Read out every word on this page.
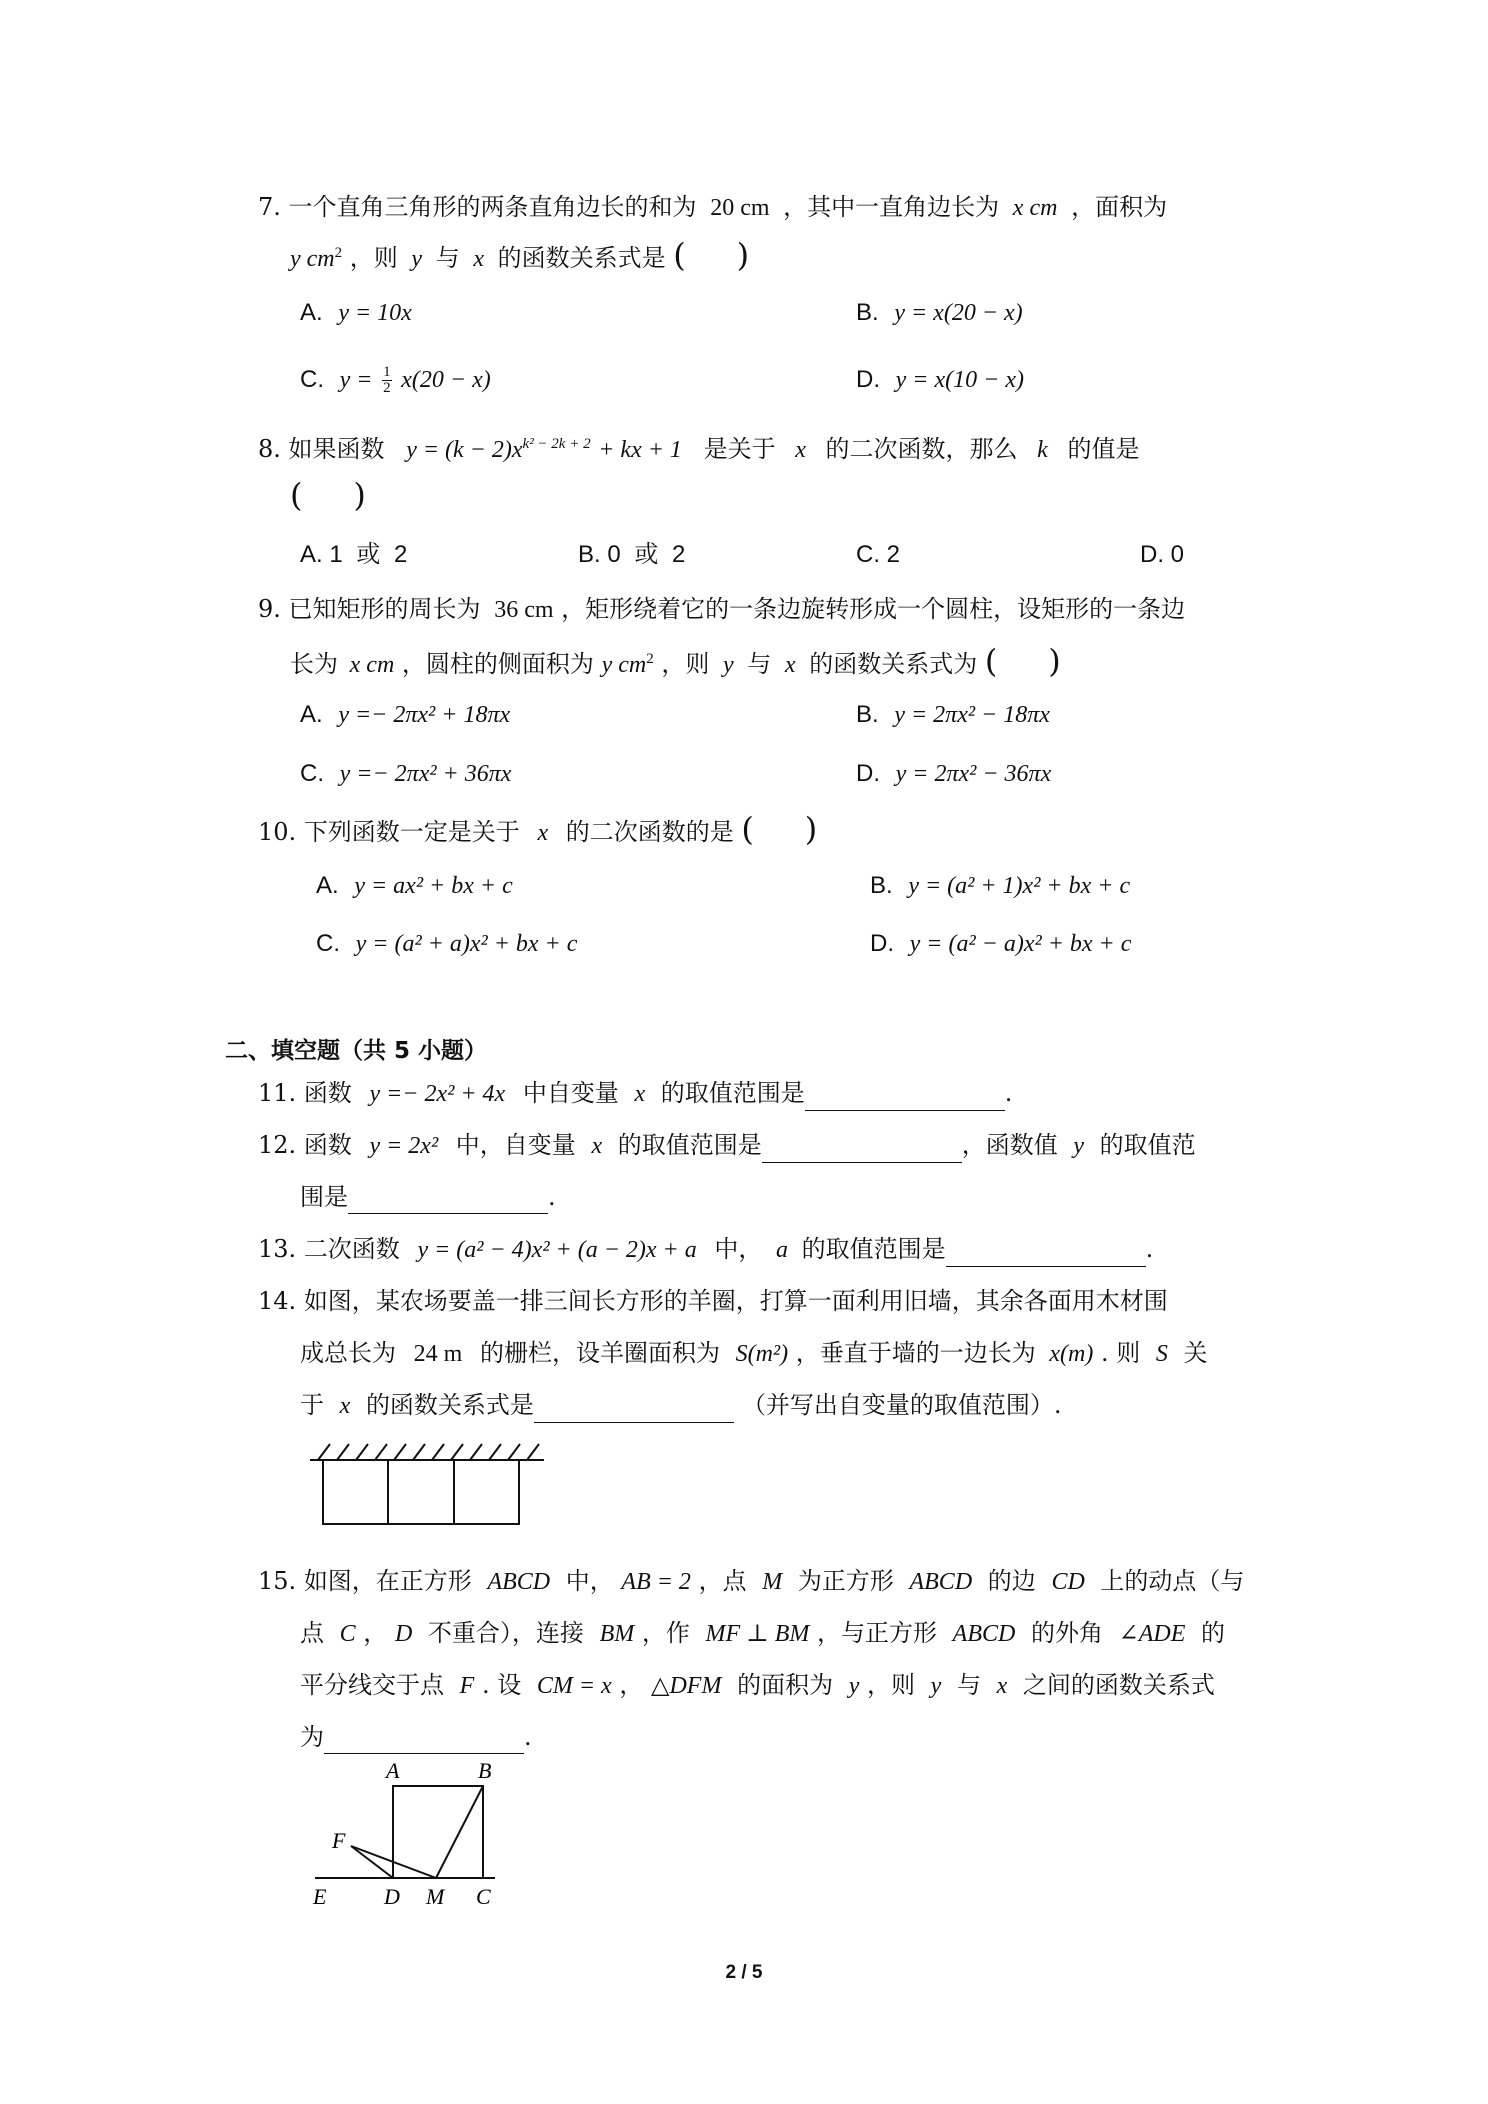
7. 一个直角三角形的两条直角边长的和为 20 cm ，其中一直角边长为 x cm ，面积为
y $cm^2$ ，则 y 与 x 的函数关系式是 (     )
A. y = 10x	B. y = x(20 − x)
C. $y = \frac{1}{2} x(20 - x)$	D. y = x(10 − x)
8. 如果函数 $y = (k - 2)x^{k^2 - 2k + 2}$ + kx + 1 是关于 x 的二次函数，那么 k 的值是
(     )
A. 1 或 2	B. 0 或 2	C. 2	D. 0
9. 已知矩形的周长为 36 cm ，矩形绕着它的一条边旋转形成一个圆柱，设矩形的一条边
长为 x cm ，圆柱的侧面积为 y $cm^2$ ，则 y 与 x 的函数关系式为 (     )
A. y =− 2πx² + 18πx	B. y = 2πx² − 18πx
C. y =− 2πx² + 36πx	D. y = 2πx² − 36πx
10. 下列函数一定是关于 x 的二次函数的是 (     )
A. y = ax² + bx + c	B. y = (a² + 1)x² + bx + c
C. y = (a² + a)x² + bx + c	D. y = (a² − a)x² + bx + c
二、填空题（共 5 小题）
11. 函数 y =− 2x² + 4x 中自变量 x 的取值范围是	.
12. 函数 y = 2x² 中，自变量 x 的取值范围是	，函数值 y 的取值范
围是	.
13. 二次函数 y = (a² − 4)x² + (a − 2)x + a 中， a 的取值范围是	.
14. 如图，某农场要盖一排三间长方形的羊圈，打算一面利用旧墙，其余各面用木材围
成总长为 24 m 的栅栏，设羊圈面积为 S(m²) ，垂直于墙的一边长为 x(m) . 则 S 关
于 x 的函数关系式是	（并写出自变量的取值范围）.
15. 如图，在正方形 ABCD 中， AB = 2 ，点 M 为正方形 ABCD 的边 CD 上的动点（与
点 C ， D 不重合），连接 BM ，作 MF ⊥ BM ，与正方形 ABCD 的外角 ∠ADE 的
平分线交于点 F . 设 CM = x ， △DFM 的面积为 y ，则 y 与 x 之间的函数关系式
为	.
A	B
C
D
E
F
M
2 / 5
